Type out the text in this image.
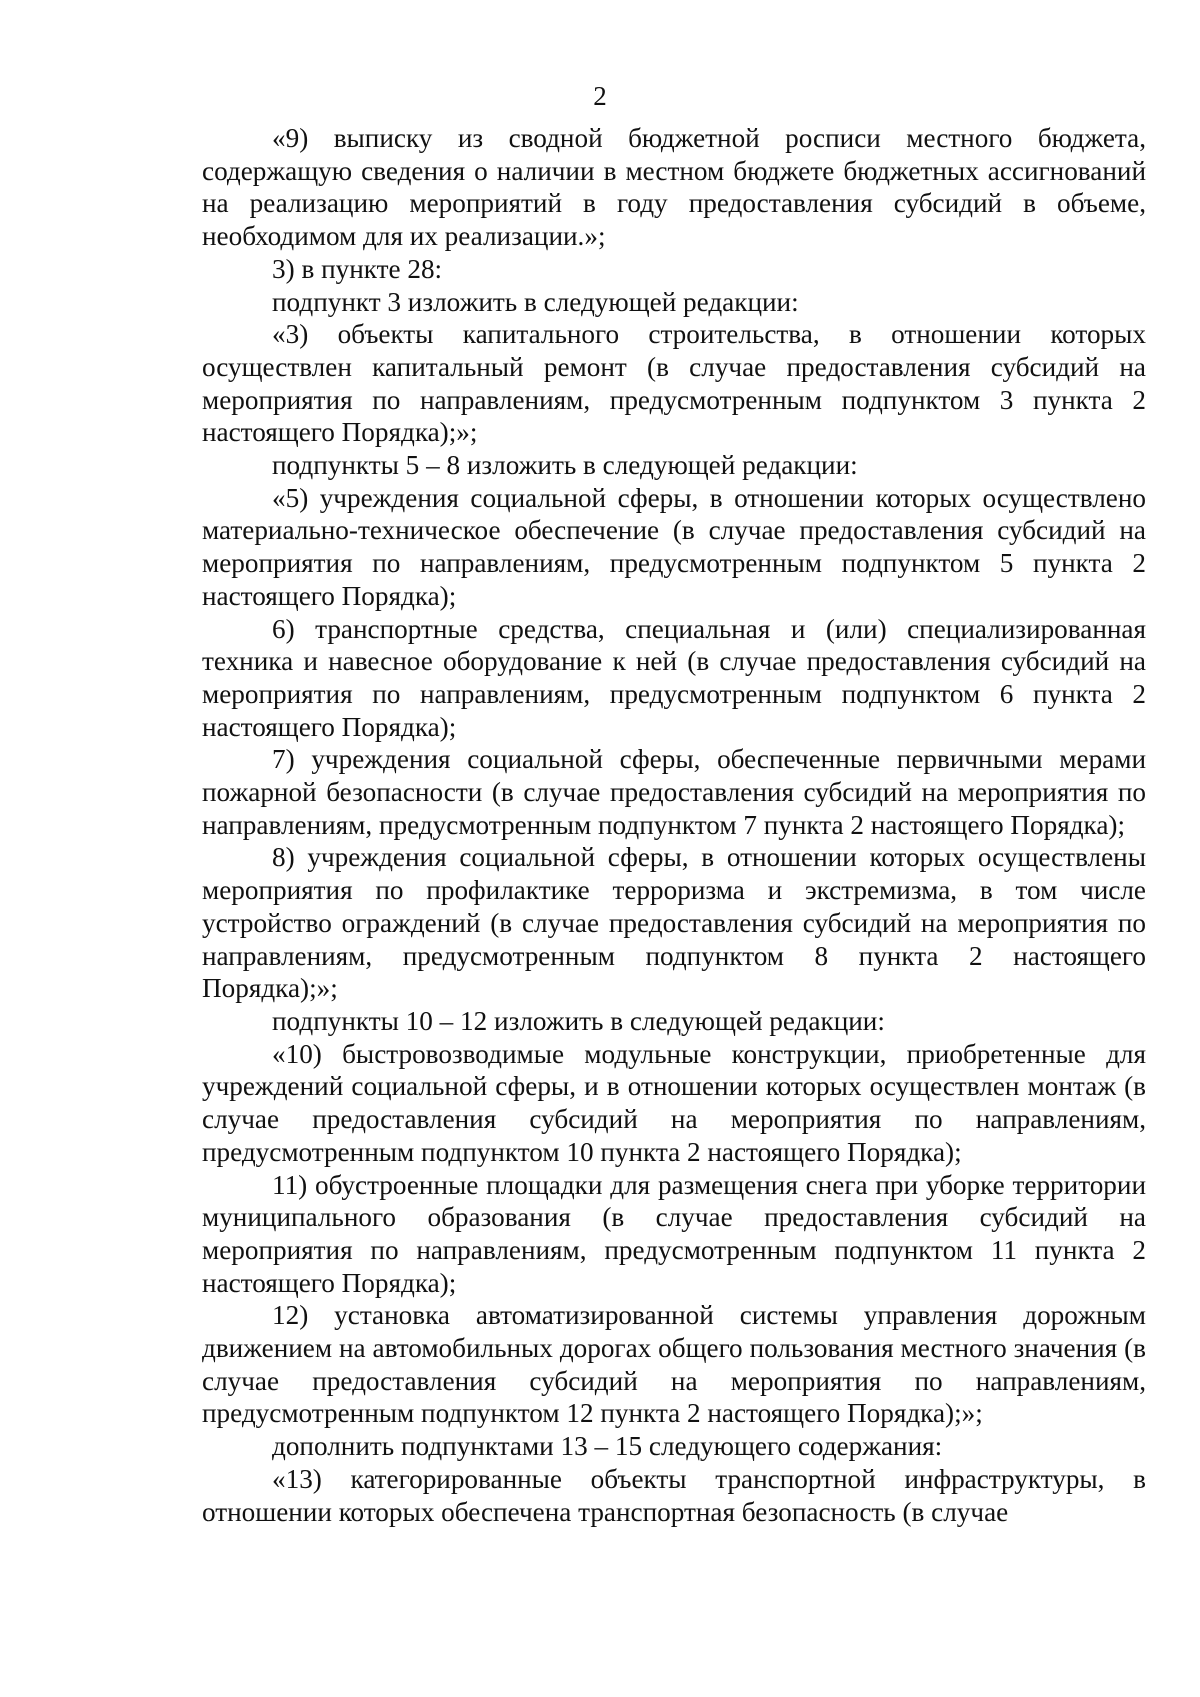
2

«9) выписку из сводной бюджетной росписи местного бюджета, содержащую сведения о наличии в местном бюджете бюджетных ассигнований на реализацию мероприятий в году предоставления субсидий в объеме, необходимом для их реализации.»;

3) в пункте 28:

подпункт 3 изложить в следующей редакции:

«3) объекты капитального строительства, в отношении которых осуществлен капитальный ремонт (в случае предоставления субсидий на мероприятия по направлениям, предусмотренным подпунктом 3 пункта 2 настоящего Порядка);»;

подпункты 5 – 8 изложить в следующей редакции:

«5) учреждения социальной сферы, в отношении которых осуществлено материально-техническое обеспечение (в случае предоставления субсидий на мероприятия по направлениям, предусмотренным подпунктом 5 пункта 2 настоящего Порядка);

6) транспортные средства, специальная и (или) специализированная техника и навесное оборудование к ней (в случае предоставления субсидий на мероприятия по направлениям, предусмотренным подпунктом 6 пункта 2 настоящего Порядка);

7) учреждения социальной сферы, обеспеченные первичными мерами пожарной безопасности (в случае предоставления субсидий на мероприятия по направлениям, предусмотренным подпунктом 7 пункта 2 настоящего Порядка);

8) учреждения социальной сферы, в отношении которых осуществлены мероприятия по профилактике терроризма и экстремизма, в том числе устройство ограждений (в случае предоставления субсидий на мероприятия по направлениям, предусмотренным подпунктом 8 пункта 2 настоящего Порядка);»;

подпункты 10 – 12 изложить в следующей редакции:

«10) быстровозводимые модульные конструкции, приобретенные для учреждений социальной сферы, и в отношении которых осуществлен монтаж (в случае предоставления субсидий на мероприятия по направлениям, предусмотренным подпунктом 10 пункта 2 настоящего Порядка);

11) обустроенные площадки для размещения снега при уборке территории муниципального образования (в случае предоставления субсидий на мероприятия по направлениям, предусмотренным подпунктом 11 пункта 2 настоящего Порядка);

12) установка автоматизированной системы управления дорожным движением на автомобильных дорогах общего пользования местного значения (в случае предоставления субсидий на мероприятия по направлениям, предусмотренным подпунктом 12 пункта 2 настоящего Порядка);»;

дополнить подпунктами 13 – 15 следующего содержания:

«13) категорированные объекты транспортной инфраструктуры, в отношении которых обеспечена транспортная безопасность (в случае
